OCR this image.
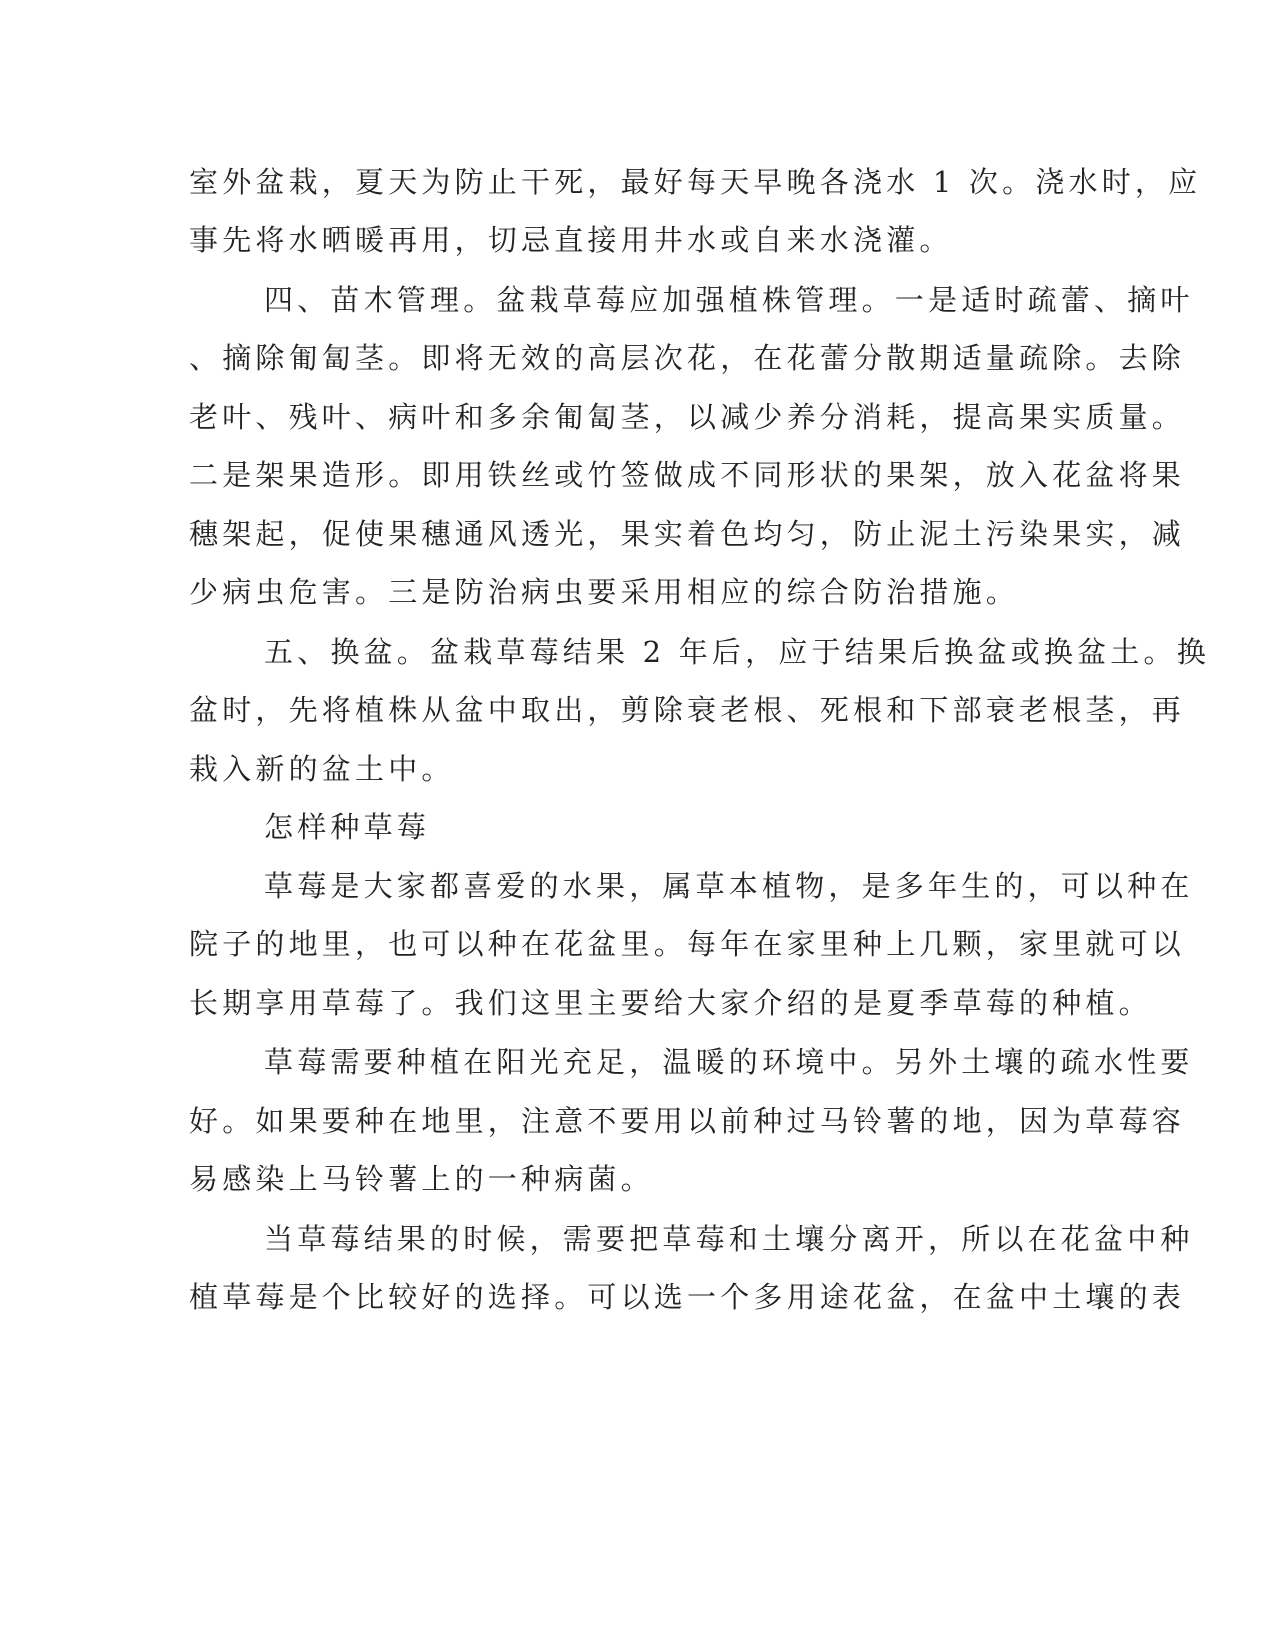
室外盆栽，夏天为防止干死，最好每天早晚各浇水 1 次。浇水时，应
事先将水晒暖再用，切忌直接用井水或自来水浇灌。
四、苗木管理。盆栽草莓应加强植株管理。一是适时疏蕾、摘叶
、摘除匍匐茎。即将无效的高层次花，在花蕾分散期适量疏除。去除
老叶、残叶、病叶和多余匍匐茎，以减少养分消耗，提高果实质量。
二是架果造形。即用铁丝或竹签做成不同形状的果架，放入花盆将果
穗架起，促使果穗通风透光，果实着色均匀，防止泥土污染果实，减
少病虫危害。三是防治病虫要采用相应的综合防治措施。
五、换盆。盆栽草莓结果 2 年后，应于结果后换盆或换盆土。换
盆时，先将植株从盆中取出，剪除衰老根、死根和下部衰老根茎，再
栽入新的盆土中。
怎样种草莓
草莓是大家都喜爱的水果，属草本植物，是多年生的，可以种在
院子的地里，也可以种在花盆里。每年在家里种上几颗，家里就可以
长期享用草莓了。我们这里主要给大家介绍的是夏季草莓的种植。
草莓需要种植在阳光充足，温暖的环境中。另外土壤的疏水性要
好。如果要种在地里，注意不要用以前种过马铃薯的地，因为草莓容
易感染上马铃薯上的一种病菌。
当草莓结果的时候，需要把草莓和土壤分离开，所以在花盆中种
植草莓是个比较好的选择。可以选一个多用途花盆，在盆中土壤的表
